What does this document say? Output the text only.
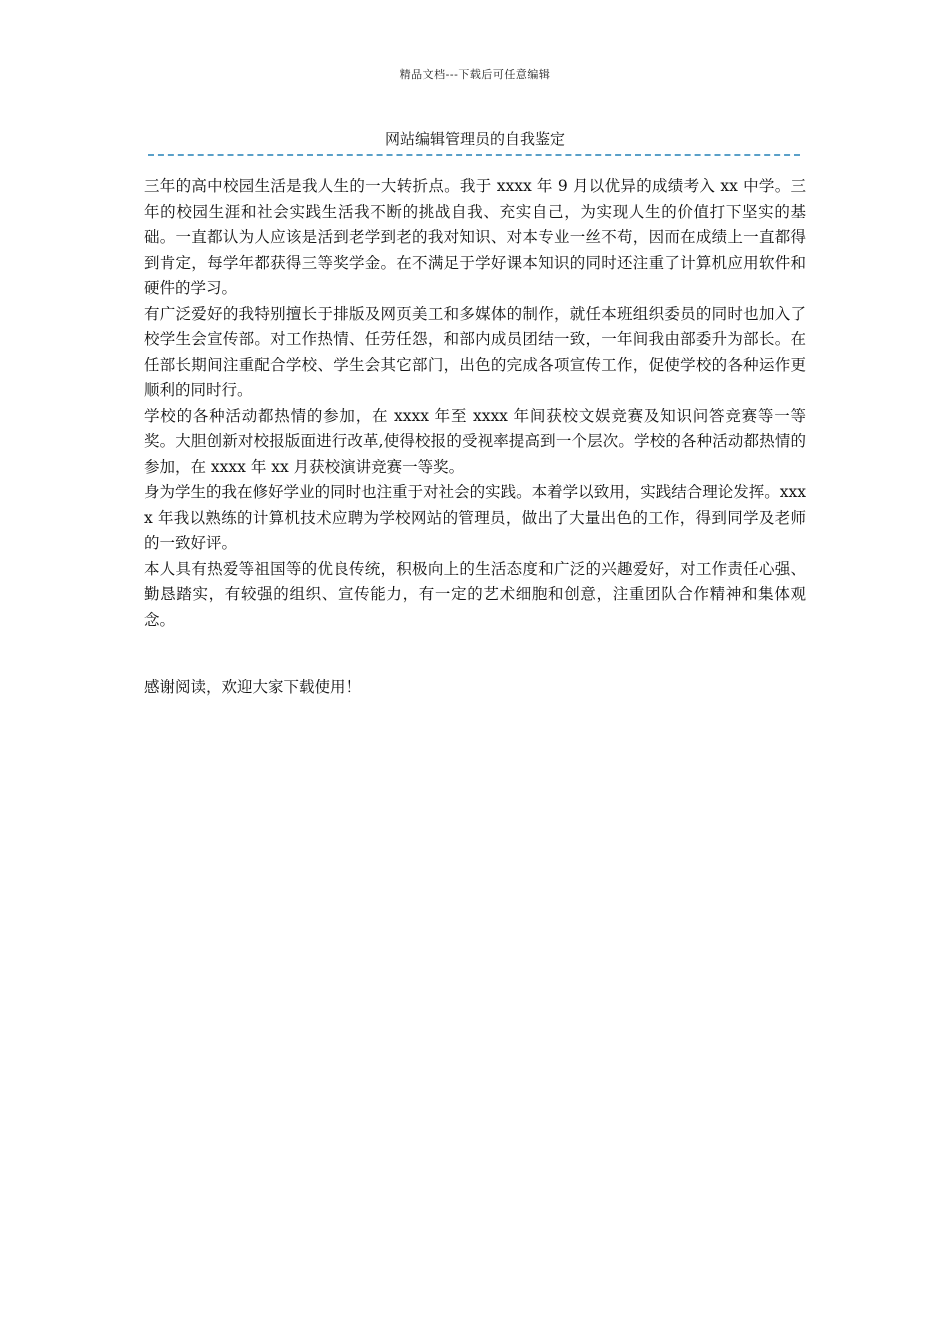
精品文档---下载后可任意编辑
网站编辑管理员的自我鉴定

三年的高中校园生活是我人生的一大转折点。我于 xxxx 年 9 月以优异的成绩考入 xx 中学。三年的校园生涯和社会实践生活我不断的挑战自我、充实自己，为实现人生的价值打下坚实的基础。一直都认为人应该是活到老学到老的我对知识、对本专业一丝不苟，因而在成绩上一直都得到肯定，每学年都获得三等奖学金。在不满足于学好课本知识的同时还注重了计算机应用软件和硬件的学习。

有广泛爱好的我特别擅长于排版及网页美工和多媒体的制作，就任本班组织委员的同时也加入了校学生会宣传部。对工作热情、任劳任怨，和部内成员团结一致，一年间我由部委升为部长。在任部长期间注重配合学校、学生会其它部门，出色的完成各项宣传工作，促使学校的各种运作更顺利的同时行。

学校的各种活动都热情的参加，在 xxxx 年至 xxxx 年间获校文娱竞赛及知识问答竞赛等一等奖。大胆创新对校报版面进行改革,使得校报的受视率提高到一个层次。学校的各种活动都热情的参加，在 xxxx 年 xx 月获校演讲竞赛一等奖。

身为学生的我在修好学业的同时也注重于对社会的实践。本着学以致用，实践结合理论发挥。xxxx 年我以熟练的计算机技术应聘为学校网站的管理员，做出了大量出色的工作，得到同学及老师的一致好评。

本人具有热爱等祖国等的优良传统，积极向上的生活态度和广泛的兴趣爱好，对工作责任心强、勤恳踏实，有较强的组织、宣传能力，有一定的艺术细胞和创意，注重团队合作精神和集体观念。

感谢阅读，欢迎大家下载使用！
